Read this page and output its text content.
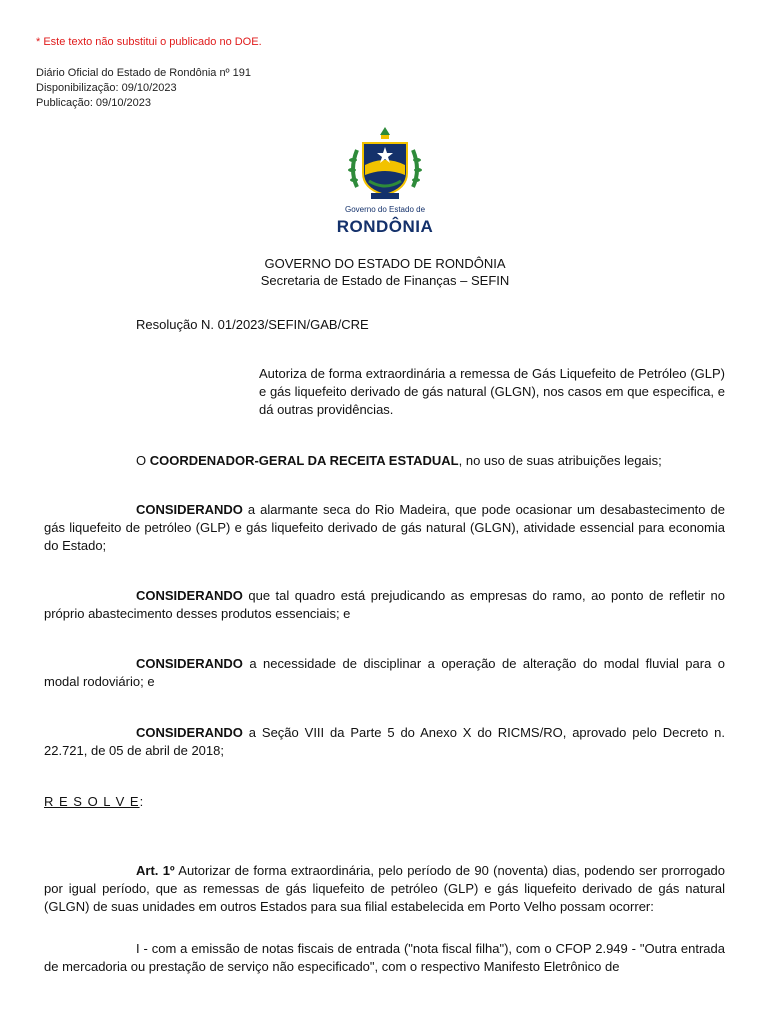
* Este texto não substitui o publicado no DOE.
Diário Oficial do Estado de Rondônia nº 191
Disponibilização: 09/10/2023
Publicação: 09/10/2023
Governo do Estado de
RONDÔNIA
GOVERNO DO ESTADO DE RONDÔNIA
Secretaria de Estado de Finanças – SEFIN
Resolução N. 01/2023/SEFIN/GAB/CRE
Autoriza de forma extraordinária a remessa de Gás Liquefeito de Petróleo (GLP) e gás liquefeito derivado de gás natural (GLGN), nos casos em que especifica, e dá outras providências.
O COORDENADOR-GERAL DA RECEITA ESTADUAL, no uso de suas atribuições legais;
CONSIDERANDO a alarmante seca do Rio Madeira, que pode ocasionar um desabastecimento de gás liquefeito de petróleo (GLP) e gás liquefeito derivado de gás natural (GLGN), atividade essencial para economia do Estado;
CONSIDERANDO que tal quadro está prejudicando as empresas do ramo, ao ponto de refletir no próprio abastecimento desses produtos essenciais; e
CONSIDERANDO a necessidade de disciplinar a operação de alteração do modal fluvial para o modal rodoviário; e
CONSIDERANDO a Seção VIII da Parte 5 do Anexo X do RICMS/RO, aprovado pelo Decreto n. 22.721, de 05 de abril de 2018;
R E S O L V E:
Art. 1º Autorizar de forma extraordinária, pelo período de 90 (noventa) dias, podendo ser prorrogado por igual período, que as remessas de gás liquefeito de petróleo (GLP) e gás liquefeito derivado de gás natural (GLGN) de suas unidades em outros Estados para sua filial estabelecida em Porto Velho possam ocorrer:
I - com a emissão de notas fiscais de entrada ("nota fiscal filha"), com o CFOP 2.949 - "Outra entrada de mercadoria ou prestação de serviço não especificado", com o respectivo Manifesto Eletrônico de
